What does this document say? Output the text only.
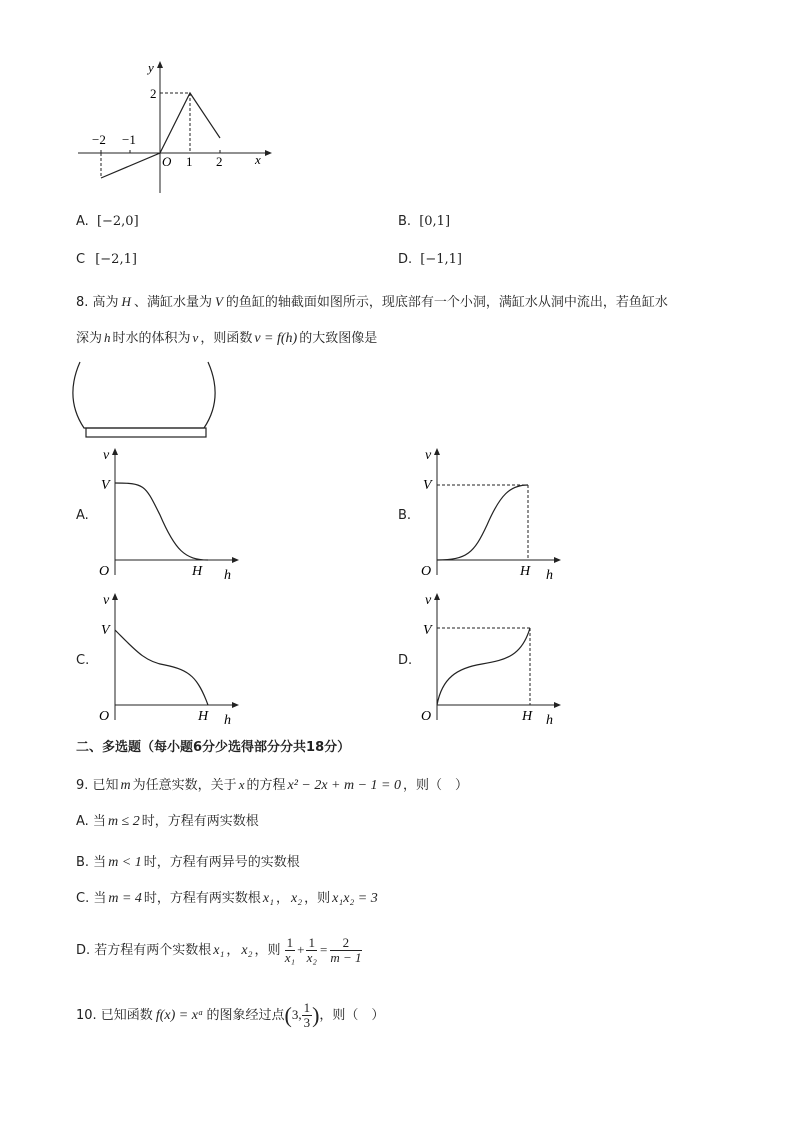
y
x
O
2
−2 −1
1 2
A. [−2,0]	B. [0,1]
C [−2,1]	D. [−1,1]
8. 高为 H 、满缸水量为 V 的鱼缸的轴截面如图所示，现底部有一个小洞，满缸水从洞中流出，若鱼缸水
深为 h 时水的体积为 v ，则函数 v = f(h) 的大致图像是
A.
v
V
O	H h
B.
v
V
O	H h
C.
v
V
O	H h
D.
v
V
O	H h
二、多选题（每小题6分少选得部分分共18分）
9. 已知 m 为任意实数，关于 x 的方程 x² − 2x + m − 1 = 0 ，则（　）
A. 当 m ≤ 2 时，方程有两实数根
B. 当 m < 1 时，方程有两异号的实数根
C. 当 m = 4 时，方程有两实数根 x₁ ， x₂ ，则 x₁x₂ = 3
D. 若方程有两个实数根 x₁ ， x₂ ，则 $\frac{1}{\text{x₁}} + \frac{1}{\text{x₂}} = \frac{2}{m - 1}$
10. 已知函数 f(x) = xᵃ 的图象经过点(3, $\frac{1}{3}$ )，则（　）
